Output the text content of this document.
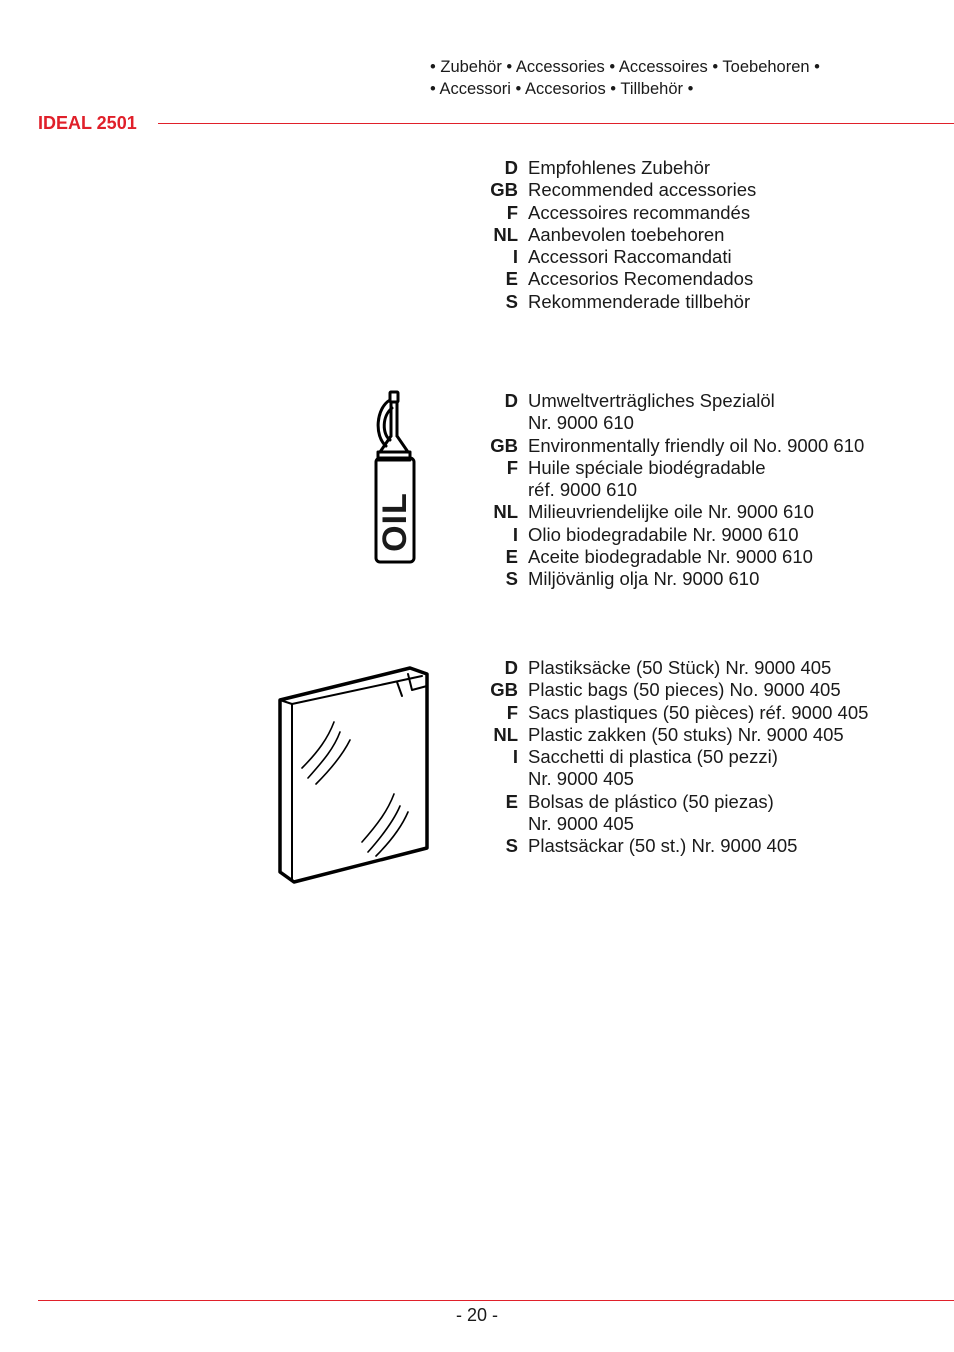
• Zubehör • Accessories • Accessoires • Toebehoren •
• Accessori • Accesorios • Tillbehör •
IDEAL 2501
D Empfohlenes Zubehör
GB Recommended accessories
F Accessoires recommandés
NL Aanbevolen toebehoren
I Accessori Raccomandati
E Accesorios Recomendados
S Rekommenderade tillbehör
OIL
D Umweltverträgliches Spezialöl
Nr. 9000 610
GB Environmentally friendly oil No. 9000 610
F Huile spéciale biodégradable
réf. 9000 610
NL Milieuvriendelijke oile Nr. 9000 610
I Olio biodegradabile Nr. 9000 610
E Aceite biodegradable Nr. 9000 610
S Miljövänlig olja Nr. 9000 610
D Plastiksäcke (50 Stück) Nr. 9000 405
GB Plastic bags (50 pieces) No. 9000 405
F Sacs plastiques (50 pièces) réf. 9000 405
NL Plastic zakken (50 stuks) Nr. 9000 405
I Sacchetti di plastica (50 pezzi)
Nr. 9000 405
E Bolsas de plástico (50 piezas)
Nr. 9000 405
S Plastsäckar (50 st.) Nr. 9000 405
- 20 -
